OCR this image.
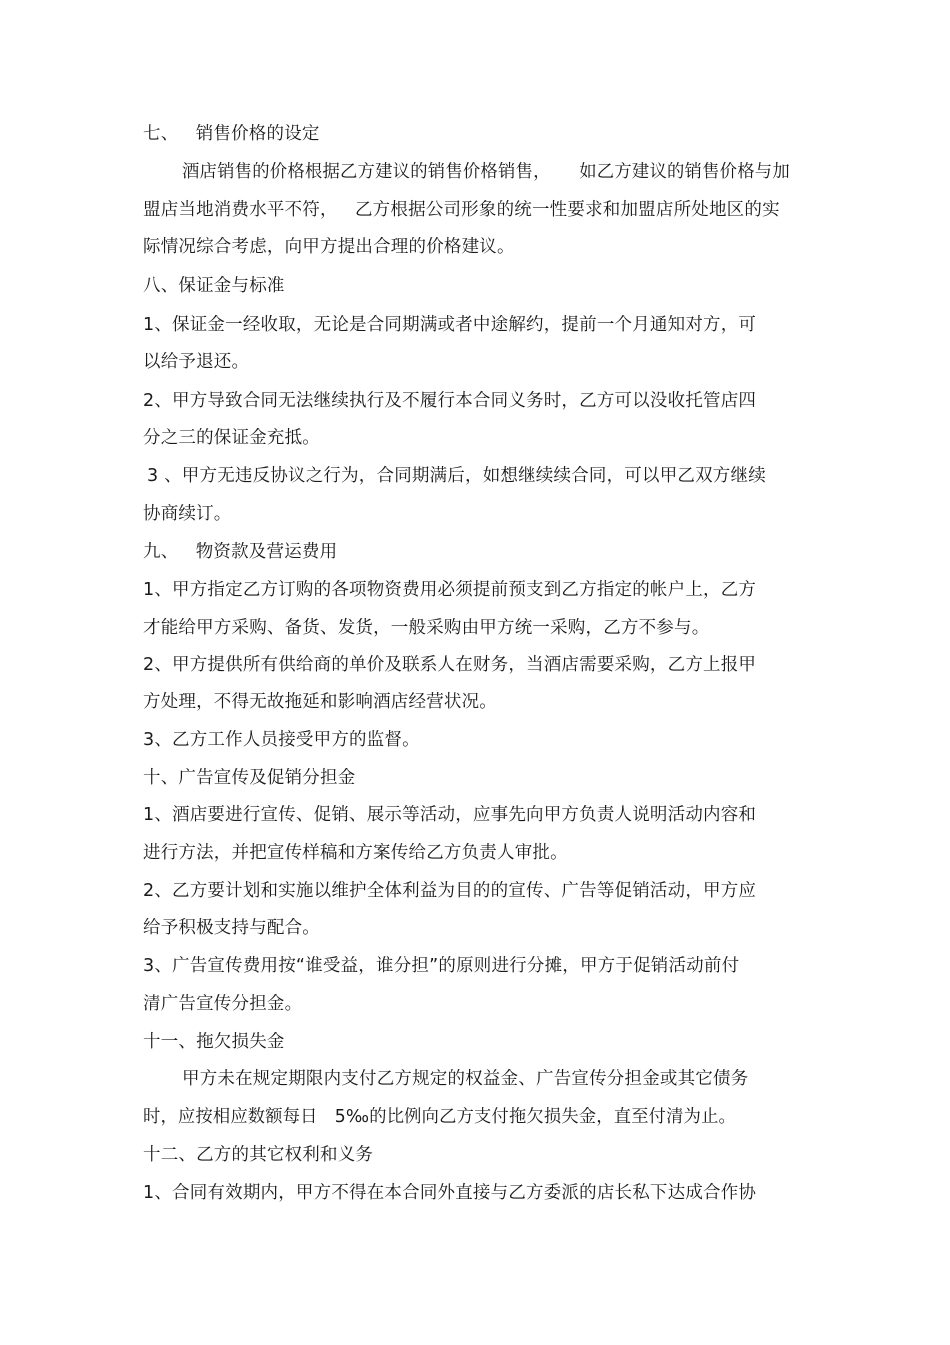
七、   销售价格的设定
酒店销售的价格根据乙方建议的销售价格销售，     如乙方建议的销售价格与加
盟店当地消费水平不符，   乙方根据公司形象的统一性要求和加盟店所处地区的实
际情况综合考虑，向甲方提出合理的价格建议。
八、保证金与标准
1、保证金一经收取，无论是合同期满或者中途解约，提前一个月通知对方，可
以给予退还。
2、甲方导致合同无法继续执行及不履行本合同义务时，乙方可以没收托管店四
分之三的保证金充抵。
3 、甲方无违反协议之行为，合同期满后，如想继续续合同，可以甲乙双方继续
协商续订。
九、   物资款及营运费用
1、甲方指定乙方订购的各项物资费用必须提前预支到乙方指定的帐户上，乙方
才能给甲方采购、备货、发货，一般采购由甲方统一采购，乙方不参与。
2、甲方提供所有供给商的单价及联系人在财务，当酒店需要采购，乙方上报甲
方处理，不得无故拖延和影响酒店经营状况。
3、乙方工作人员接受甲方的监督。
十、广告宣传及促销分担金
1、酒店要进行宣传、促销、展示等活动，应事先向甲方负责人说明活动内容和
进行方法，并把宣传样稿和方案传给乙方负责人审批。
2、乙方要计划和实施以维护全体利益为目的的宣传、广告等促销活动，甲方应
给予积极支持与配合。
3、广告宣传费用按“谁受益，谁分担”的原则进行分摊，甲方于促销活动前付
清广告宣传分担金。
十一、拖欠损失金
甲方未在规定期限内支付乙方规定的权益金、广告宣传分担金或其它债务
时，应按相应数额每日   5‰的比例向乙方支付拖欠损失金，直至付清为止。
十二、乙方的其它权利和义务
1、合同有效期内，甲方不得在本合同外直接与乙方委派的店长私下达成合作协
